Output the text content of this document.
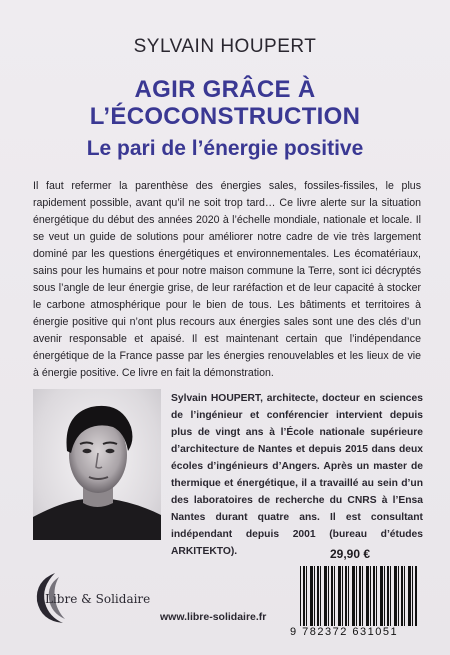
SYLVAIN HOUPERT
AGIR GRÂCE À
L’ÉCOCONSTRUCTION
Le pari de l’énergie positive

Il faut refermer la parenthèse des énergies sales, fossiles-fissiles, le plus rapidement possible, avant qu’il ne soit trop tard… Ce livre alerte sur la situation énergétique du début des années 2020 à l’échelle mondiale, nationale et locale. Il se veut un guide de solutions pour améliorer notre cadre de vie très largement dominé par les questions énergétiques et environnementales. Les écomatériaux, sains pour les humains et pour notre maison commune la Terre, sont ici décryptés sous l’angle de leur énergie grise, de leur raréfaction et de leur capacité à stocker le carbone atmosphérique pour le bien de tous. Les bâtiments et territoires à énergie positive qui n’ont plus recours aux énergies sales sont une des clés d’un avenir responsable et apaisé. Il est maintenant certain que l’indépendance énergétique de la France passe par les énergies renouvelables et les lieux de vie à énergie positive. Ce livre en fait la démonstration.

Sylvain HOUPERT, architecte, docteur en sciences de l’ingénieur et conférencier intervient depuis plus de vingt ans à l’École nationale supérieure d’architecture de Nantes et depuis 2015 dans deux écoles d’ingénieurs d’Angers. Après un master de thermique et énergétique, il a travaillé au sein d’un des laboratoires de recherche du CNRS à l’Ensa Nantes durant quatre ans. Il est consultant indépendant depuis 2001 (bureau d’études ARKITEKTO).	29,90 €
Libre & Solidaire
www.libre-solidaire.fr
9 782372 631051
